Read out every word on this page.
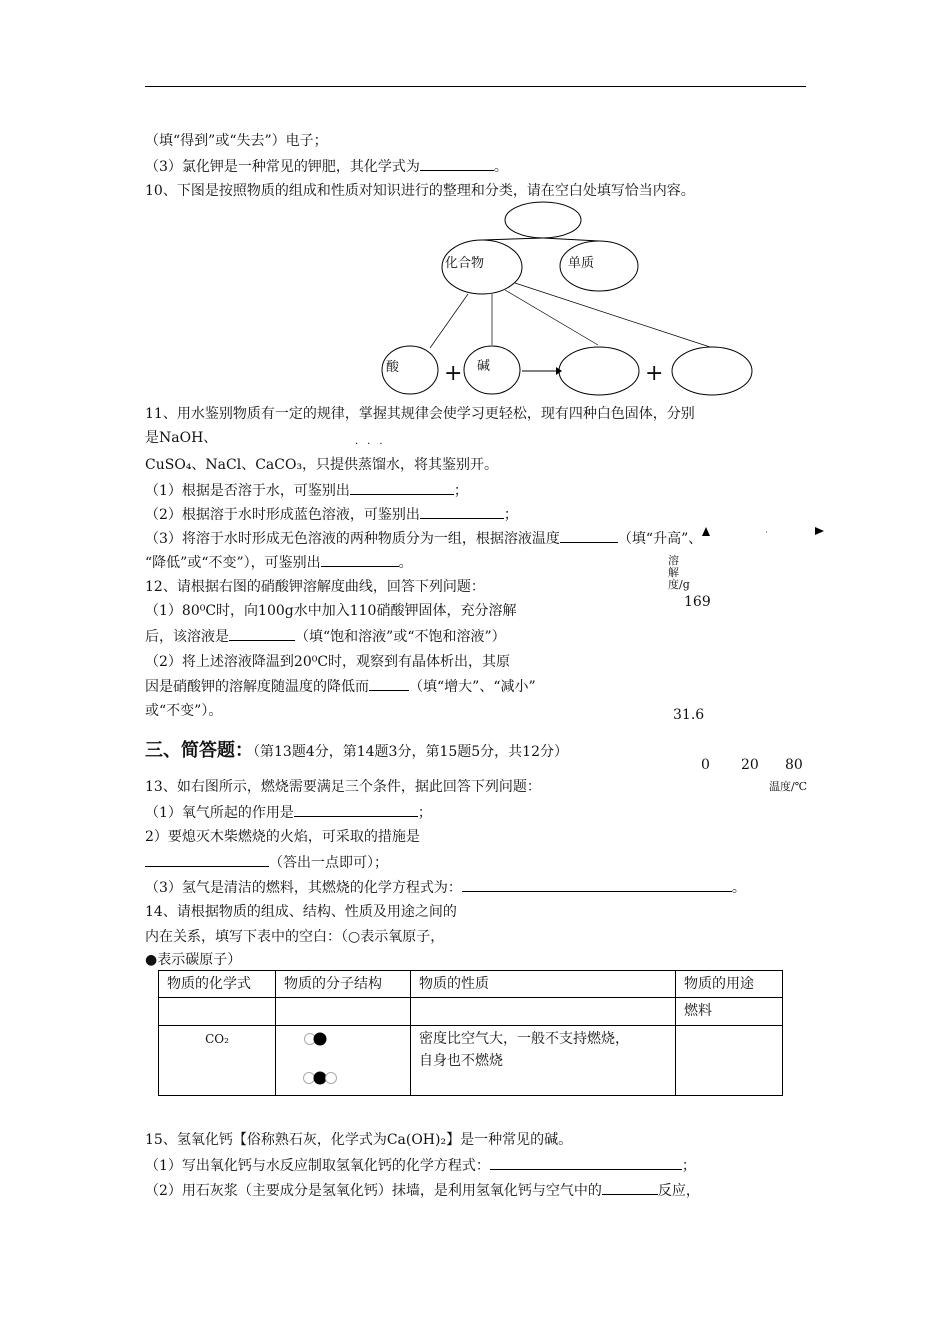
（填“得到”或“失去”）电子；
（3）氯化钾是一种常见的钾肥，其化学式为	。
10、下图是按照物质的组成和性质对知识进行的整理和分类，请在空白处填写恰当内容。
化合物	单质
酸	碱
+	+
11、用水鉴别物质有一定的规律，掌握其规律会使学习更轻松，现有四种白色固体，分别
是NaOH、	···
CuSO₄、NaCl、CaCO₃，只提供蒸馏水，将其鉴别开。
（1）根据是否溶于水，可鉴别出	；
（2）根据溶于水时形成蓝色溶液，可鉴别出	；
（3）将溶于水时形成无色溶液的两种物质分为一组，根据溶液温度	（填“升高”、
“降低”或“不变”），可鉴别出	。
12、请根据右图的硝酸钾溶解度曲线，回答下列问题：
（1）80⁰C时，向100g水中加入110硝酸钾固体，充分溶解
后，该溶液是	（填“饱和溶液”或“不饱和溶液”）
（2）将上述溶液降温到20⁰C时，观察到有晶体析出，其原
因是硝酸钾的溶解度随温度的降低而	（填“增大”、“减小”
或“不变”）。
溶解度/g
169
31.6
0 20 80
温度/℃
三、简答题：（第13题4分，第14题3分，第15题5分，共12分）
13、如右图所示，燃烧需要满足三个条件，据此回答下列问题：
（1）氧气所起的作用是	；
2）要熄灭木柴燃烧的火焰，可采取的措施是
（答出一点即可）；
（3）氢气是清洁的燃料，其燃烧的化学方程式为：	。
14、请根据物质的组成、结构、性质及用途之间的
内在关系，填写下表中的空白：（○表示氧原子，
●表示碳原子）
物质的化学式	物质的分子结构	物质的性质	物质的用途
			燃料
CO₂		密度比空气大，一般不支持燃烧，
自身也不燃烧	

15、氢氧化钙【俗称熟石灰，化学式为Ca(OH)₂】是一种常见的碱。
（1）写出氧化钙与水反应制取氢氧化钙的化学方程式：	；
（2）用石灰浆（主要成分是氢氧化钙）抹墙，是利用氢氧化钙与空气中的	反应，
